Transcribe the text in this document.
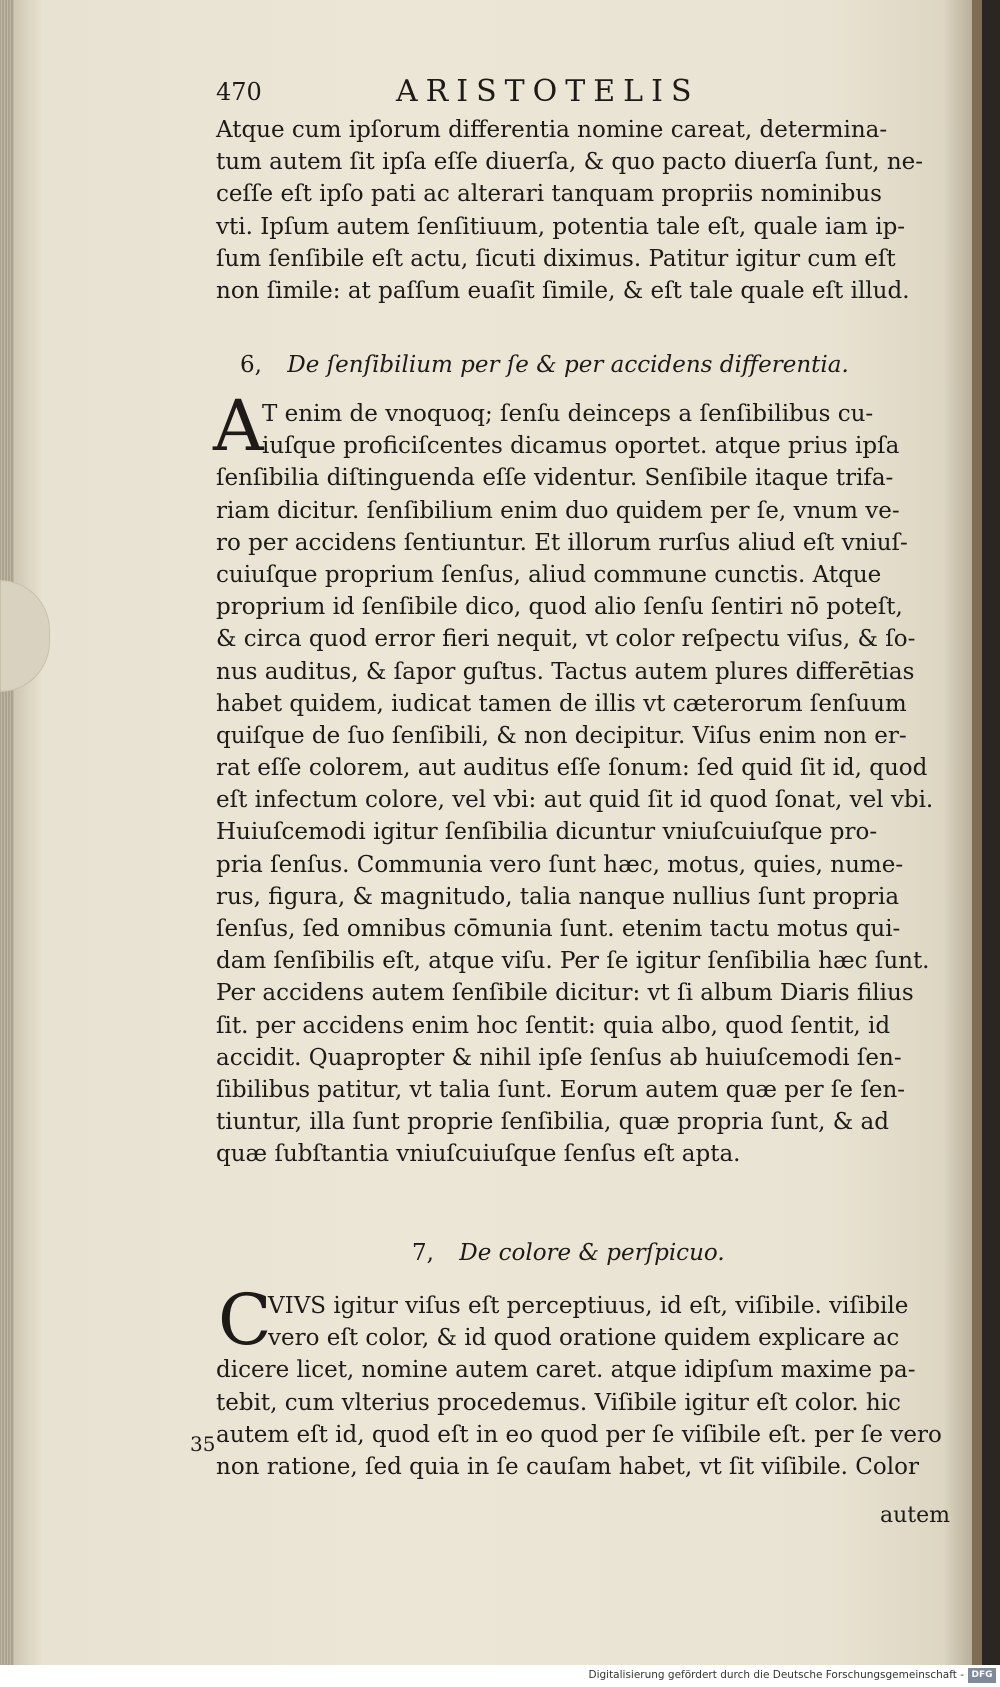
470	ARISTOTELIS
Atque cum ipſorum differentia nomine careat, determina-
tum autem ſit ipſa eſſe diuerſa, & quo pacto diuerſa ſunt, ne-
ceſſe eſt ipſo pati ac alterari tanquam propriis nominibus
vti. Ipſum autem ſenſitiuum, potentia tale eſt, quale iam ip-
ſum ſenſibile eſt actu, ſicuti diximus. Patitur igitur cum eſt
non ſimile: at paſſum euaſit ſimile, & eſt tale quale eſt illud.
6, De ſenſibilium per ſe & per accidens differentia.
A
T enim de vnoquoq; ſenſu deinceps a ſenſibilibus cu-
iuſque proficiſcentes dicamus oportet. atque prius ipſa
ſenſibilia diſtinguenda eſſe videntur. Senſibile itaque trifa-
riam dicitur. ſenſibilium enim duo quidem per ſe, vnum ve-
ro per accidens ſentiuntur. Et illorum rurſus aliud eſt vniuſ-
cuiuſque proprium ſenſus, aliud commune cunctis. Atque
proprium id ſenſibile dico, quod alio ſenſu ſentiri nō poteſt,
& circa quod error fieri nequit, vt color reſpectu viſus, & ſo-
nus auditus, & ſapor guſtus. Tactus autem plures differētias
habet quidem, iudicat tamen de illis vt cæterorum ſenſuum
quiſque de ſuo ſenſibili, & non decipitur. Viſus enim non er-
rat eſſe colorem, aut auditus eſſe ſonum: ſed quid ſit id, quod
eſt infectum colore, vel vbi: aut quid ſit id quod ſonat, vel vbi.
Huiuſcemodi igitur ſenſibilia dicuntur vniuſcuiuſque pro-
pria ſenſus. Communia vero ſunt hæc, motus, quies, nume-
rus, figura, & magnitudo, talia nanque nullius ſunt propria
ſenſus, ſed omnibus cōmunia ſunt. etenim tactu motus qui-
dam ſenſibilis eſt, atque viſu. Per ſe igitur ſenſibilia hæc ſunt.
Per accidens autem ſenſibile dicitur: vt ſi album Diaris filius
ſit. per accidens enim hoc ſentit: quia albo, quod ſentit, id
accidit. Quapropter & nihil ipſe ſenſus ab huiuſcemodi ſen-
ſibilibus patitur, vt talia ſunt. Eorum autem quæ per ſe ſen-
tiuntur, illa ſunt proprie ſenſibilia, quæ propria ſunt, & ad
quæ ſubſtantia vniuſcuiuſque ſenſus eſt apta.
7, De colore & perſpicuo.
C
VIVS igitur viſus eſt perceptiuus, id eſt, viſibile. viſibile
vero eſt color, & id quod oratione quidem explicare ac
dicere licet, nomine autem caret. atque idipſum maxime pa-
tebit, cum vlterius procedemus. Viſibile igitur eſt color. hic
autem eſt id, quod eſt in eo quod per ſe viſibile eſt. per ſe vero
non ratione, ſed quia in ſe cauſam habet, vt ſit viſibile. Color
35
autem
Digitalisierung gefördert durch die Deutsche Forschungsgemeinschaft - DFG
